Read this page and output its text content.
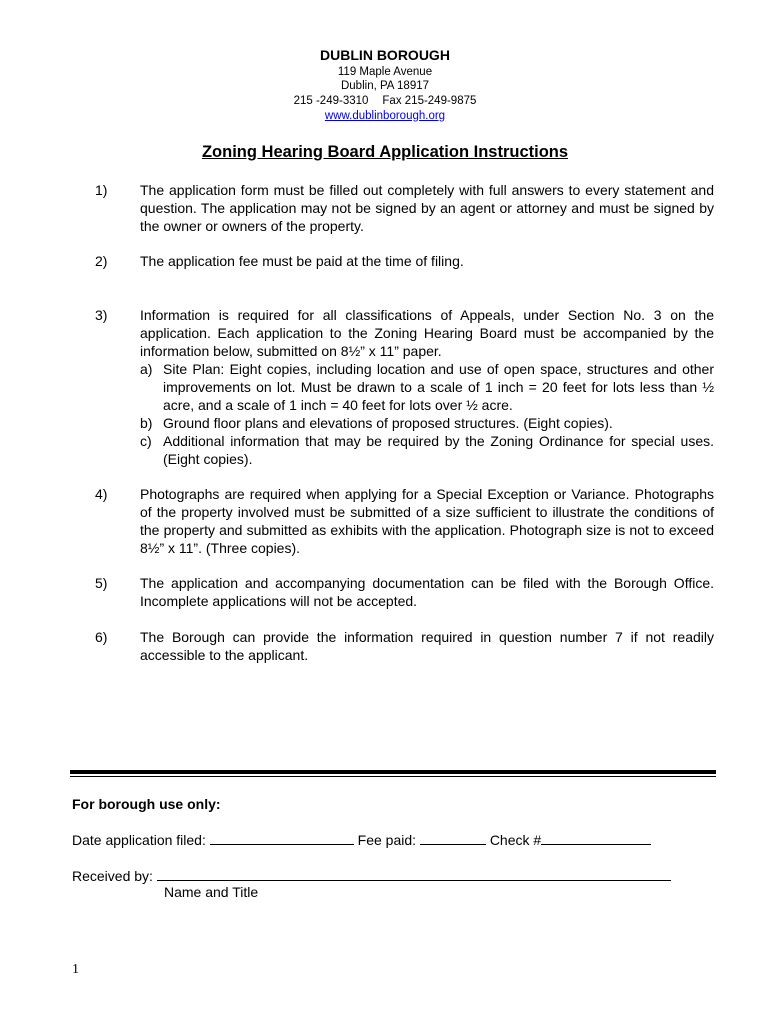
DUBLIN BOROUGH
119 Maple Avenue
Dublin, PA 18917
215 -249-3310 Fax 215-249-9875
www.dublinborough.org
Zoning Hearing Board Application Instructions
1) The application form must be filled out completely with full answers to every statement and question. The application may not be signed by an agent or attorney and must be signed by the owner or owners of the property.
2) The application fee must be paid at the time of filing.
3) Information is required for all classifications of Appeals, under Section No. 3 on the application. Each application to the Zoning Hearing Board must be accompanied by the information below, submitted on 8½” x 11” paper.
a) Site Plan: Eight copies, including location and use of open space, structures and other improvements on lot. Must be drawn to a scale of 1 inch = 20 feet for lots less than ½ acre, and a scale of 1 inch = 40 feet for lots over ½ acre.
b) Ground floor plans and elevations of proposed structures. (Eight copies).
c) Additional information that may be required by the Zoning Ordinance for special uses. (Eight copies).
4) Photographs are required when applying for a Special Exception or Variance. Photographs of the property involved must be submitted of a size sufficient to illustrate the conditions of the property and submitted as exhibits with the application. Photograph size is not to exceed 8½” x 11”. (Three copies).
5) The application and accompanying documentation can be filed with the Borough Office. Incomplete applications will not be accepted.
6) The Borough can provide the information required in question number 7 if not readily accessible to the applicant.
For borough use only:
Date application filed:	Fee paid:	Check #
Received by:
Name and Title
1
